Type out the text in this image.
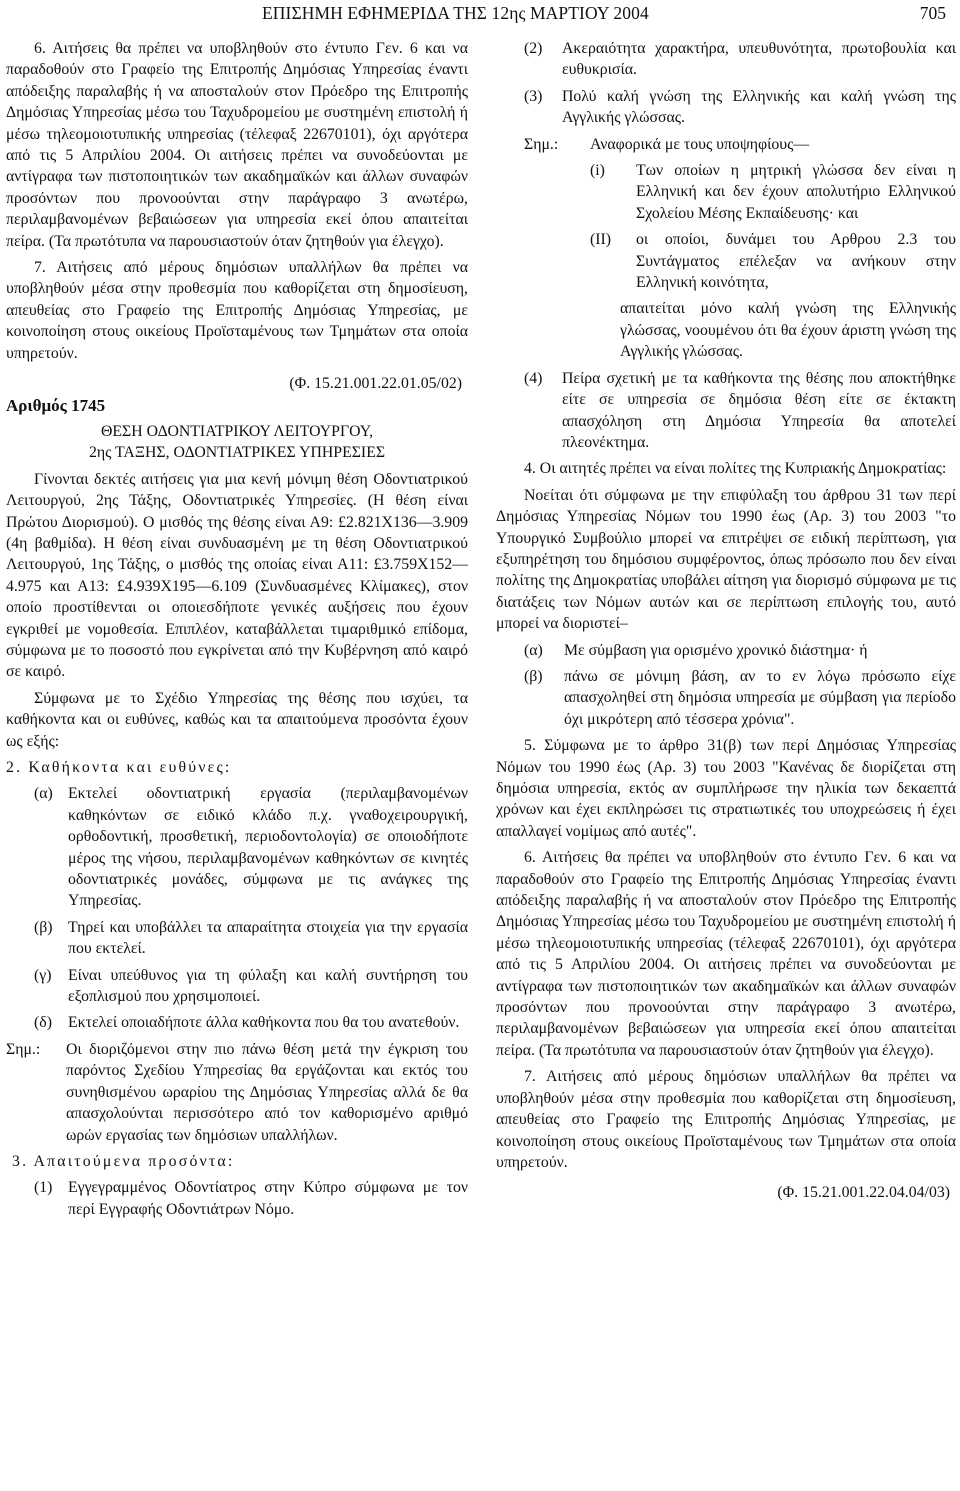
ΕΠΙΣΗΜΗ ΕΦΗΜΕΡΙΔΑ ΤΗΣ 12ης ΜΑΡΤΙΟΥ 2004	705

6. Αιτήσεις θα πρέπει να υποβληθούν στο έντυπο Γεν. 6 και να παραδοθούν στο Γραφείο της Επιτροπής Δημόσιας Υπηρεσίας έναντι απόδειξης παραλαβής ή να αποσταλούν στον Πρόεδρο της Επιτροπής Δημόσιας Υπηρεσίας μέσω του Ταχυδρομείου με συστημένη επιστολή ή μέσω τηλεομοιοτυπικής υπηρεσίας (τέλεφαξ 22670101), όχι αργότερα από τις 5 Απριλίου 2004. Οι αιτήσεις πρέπει να συνοδεύονται με αντίγραφα των πιστοποιητικών των ακαδημαϊκών και άλλων συναφών προσόντων που προνοούνται στην παράγραφο 3 ανωτέρω, περιλαμβανομένων βεβαιώσεων για υπηρεσία εκεί όπου απαιτείται πείρα. (Τα πρωτότυπα να παρουσιαστούν όταν ζητηθούν για έλεγχο).

7. Αιτήσεις από μέρους δημόσιων υπαλλήλων θα πρέπει να υποβληθούν μέσα στην προθεσμία που καθορίζεται στη δημοσίευση, απευθείας στο Γραφείο της Επιτροπής Δημόσιας Υπηρεσίας, με κοινοποίηση στους οικείους Προϊσταμένους των Τμημάτων στα οποία υπηρετούν.

(Φ. 15.21.001.22.01.05/02)

Αριθμός 1745

ΘΕΣΗ ΟΔΟΝΤΙΑΤΡΙΚΟΥ ΛΕΙΤΟΥΡΓΟΥ,

2ης ΤΑΞΗΣ, ΟΔΟΝΤΙΑΤΡΙΚΕΣ ΥΠΗΡΕΣΙΕΣ

Γίνονται δεκτές αιτήσεις για μια κενή μόνιμη θέση Οδοντιατρικού Λειτουργού, 2ης Τάξης, Οδοντιατρικές Υπηρεσίες. (Η θέση είναι Πρώτου Διορισμού). Ο μισθός της θέσης είναι Α9: £2.821Χ136—3.909 (4η βαθμίδα). Η θέση είναι συνδυασμένη με τη θέση Οδοντιατρικού Λειτουργού, 1ης Τάξης, ο μισθός της οποίας είναι Α11: £3.759Χ152—4.975 και Α13: £4.939Χ195—6.109 (Συνδυασμένες Κλίμακες), στον οποίο προστίθενται οι οποιεσδήποτε γενικές αυξήσεις που έχουν εγκριθεί με νομοθεσία. Επιπλέον, καταβάλλεται τιμαριθμικό επίδομα, σύμφωνα με το ποσοστό που εγκρίνεται από την Κυβέρνηση από καιρό σε καιρό.

Σύμφωνα με το Σχέδιο Υπηρεσίας της θέσης που ισχύει, τα καθήκοντα και οι ευθύνες, καθώς και τα απαιτούμενα προσόντα έχουν ως εξής:

2. Καθήκοντα και ευθύνες:

(α) Εκτελεί οδοντιατρική εργασία (περιλαμβανομένων καθηκόντων σε ειδικό κλάδο π.χ. γναθοχειρουργική, ορθοδοντική, προσθετική, περιοδοντολογία) σε οποιοδήποτε μέρος της νήσου, περιλαμβανομένων καθηκόντων σε κινητές οδοντιατρικές μονάδες, σύμφωνα με τις ανάγκες της Υπηρεσίας.
(β) Τηρεί και υποβάλλει τα απαραίτητα στοιχεία για την εργασία που εκτελεί.
(γ)	Είναι υπεύθυνος για τη φύλαξη και καλή συντήρηση του εξοπλισμού που χρησιμοποιεί.
(δ)	Εκτελεί οποιαδήποτε άλλα καθήκοντα που θα του ανατεθούν.
Σημ.:	Οι διοριζόμενοι στην πιο πάνω θέση μετά την έγκριση του παρόντος Σχεδίου Υπηρεσίας θα εργάζονται και εκτός του συνηθισμένου ωραρίου της Δημόσιας Υπηρεσίας αλλά δε θα απασχολούνται περισσότερο από τον καθορισμένο αριθμό ωρών εργασίας των δημόσιων υπαλλήλων.

3. Απαιτούμενα προσόντα:

(1) Εγγεγραμμένος Οδοντίατρος στην Κύπρο σύμφωνα με τον περί Εγγραφής Οδοντιάτρων Νόμο.
(2)	Ακεραιότητα χαρακτήρα, υπευθυνότητα, πρωτοβουλία και ευθυκρισία.
(3)	Πολύ καλή γνώση της Ελληνικής και καλή γνώση της Αγγλικής γλώσσας.
Σημ.:	Αναφορικά με τους υποψηφίους—
(i)	Των οποίων η μητρική γλώσσα δεν είναι η Ελληνική και δεν έχουν απολυτήριο Ελληνικού Σχολείου Μέσης Εκπαίδευσης· και
(ΙΙ)	οι οποίοι, δυνάμει του Αρθρου 2.3 του Συντάγματος επέλεξαν να ανήκουν στην Ελληνική κοινότητα,

απαιτείται μόνο καλή γνώση της Ελληνικής γλώσσας, νοουμένου ότι θα έχουν άριστη γνώση της Αγγλικής γλώσσας.

(4)	Πείρα σχετική με τα καθήκοντα της θέσης που αποκτήθηκε είτε σε υπηρεσία σε δημόσια θέση είτε σε έκτακτη απασχόληση στη Δημόσια Υπηρεσία θα αποτελεί πλεονέκτημα.

4. Οι αιτητές πρέπει να είναι πολίτες της Κυπριακής Δημοκρατίας:

Νοείται ότι σύμφωνα με την επιφύλαξη του άρθρου 31 των περί Δημόσιας Υπηρεσίας Νόμων του 1990 έως (Αρ. 3) του 2003 "το Υπουργικό Συμβούλιο μπορεί να επιτρέψει σε ειδική περίπτωση, για εξυπηρέτηση του δημόσιου συμφέροντος, όπως πρόσωπο που δεν είναι πολίτης της Δημοκρατίας υποβάλει αίτηση για διορισμό σύμφωνα με τις διατάξεις των Νόμων αυτών και σε περίπτωση επιλογής του, αυτό μπορεί να διοριστεί–

(α)	Με σύμβαση για ορισμένο χρονικό διάστημα· ή
(β)	πάνω σε μόνιμη βάση, αν το εν λόγω πρόσωπο είχε απασχοληθεί στη δημόσια υπηρεσία με σύμβαση για περίοδο όχι μικρότερη από τέσσερα χρόνια".

5. Σύμφωνα με το άρθρο 31(β) των περί Δημόσιας Υπηρεσίας Νόμων του 1990 έως (Αρ. 3) του 2003 "Κανένας δε διορίζεται στη δημόσια υπηρεσία, εκτός αν συμπλήρωσε την ηλικία των δεκαεπτά χρόνων και έχει εκπληρώσει τις στρατιωτικές του υποχρεώσεις ή έχει απαλλαγεί νομίμως από αυτές".

6. Αιτήσεις θα πρέπει να υποβληθούν στο έντυπο Γεν. 6 και να παραδοθούν στο Γραφείο της Επιτροπής Δημόσιας Υπηρεσίας έναντι απόδειξης παραλαβής ή να αποσταλούν στον Πρόεδρο της Επιτροπής Δημόσιας Υπηρεσίας μέσω του Ταχυδρομείου με συστημένη επιστολή ή μέσω τηλεομοιοτυπικής υπηρεσίας (τέλεφαξ 22670101), όχι αργότερα από τις 5 Απριλίου 2004. Οι αιτήσεις πρέπει να συνοδεύονται με αντίγραφα των πιστοποιητικών των ακαδημαϊκών και άλλων συναφών προσόντων που προνοούνται στην παράγραφο 3 ανωτέρω, περιλαμβανομένων βεβαιώσεων για υπηρεσία εκεί όπου απαιτείται πείρα. (Τα πρωτότυπα να παρουσιαστούν όταν ζητηθούν για έλεγχο).

7. Αιτήσεις από μέρους δημόσιων υπαλλήλων θα πρέπει να υποβληθούν μέσα στην προθεσμία που καθορίζεται στη δημοσίευση, απευθείας στο Γραφείο της Επιτροπής Δημόσιας Υπηρεσίας, με κοινοποίηση στους οικείους Προϊσταμένους των Τμημάτων στα οποία υπηρετούν.

(Φ. 15.21.001.22.04.04/03)
